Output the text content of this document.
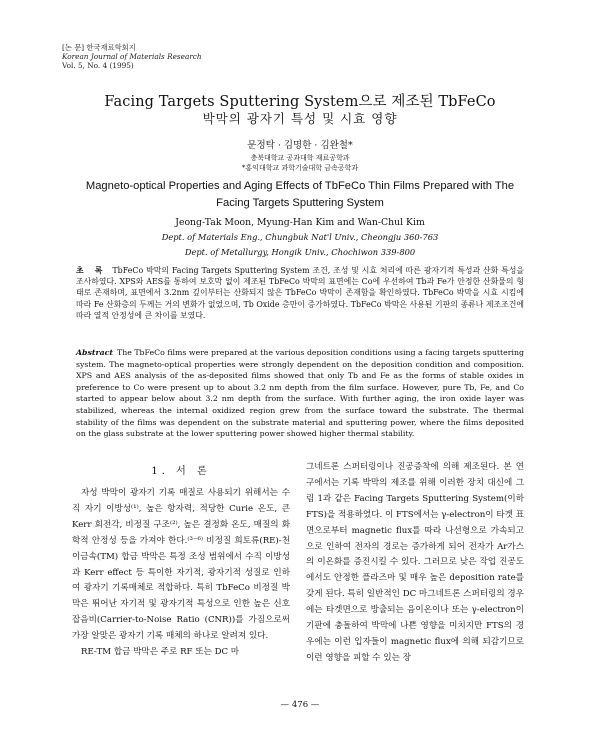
[논 문] 한국재료학회지
Korean Journal of Materials Research
Vol. 5, No. 4 (1995)
Facing Targets Sputtering System으로 제조된 TbFeCo
박막의 광자기 특성 및 시효 영향
문정탁 · 김명한 · 김완철*
충북대학교 공과대학 재료공학과
*홍익대학교 과학기술대학 금속공학과
Magneto-optical Properties and Aging Effects of TbFeCo Thin Films Prepared with The Facing Targets Sputtering System
Jeong-Tak Moon, Myung-Han Kim and Wan-Chul Kim
Dept. of Materials Eng., Chungbuk Nat'l Univ., Cheongju 360-763
Dept. of Metallurgy, Hongik Univ., Chochiwon 339-800
초 록 TbFeCo 박막의 Facing Targets Sputtering System 조건, 조성 및 시효 처리에 따른 광자기적 특성과 산화 특성을 조사하였다. XPS와 AES를 통하여 보호막 없이 제조된 TbFeCo 박막의 표면에는 Co에 우선하여 Tb과 Fe가 안정한 산화물의 형태로 존재하며, 표면에서 3.2nm 깊이부터는 산화되지 않은 TbFeCo 박막이 존재함을 확인하였다. TbFeCo 박막을 시효 시킴에 따라 Fe 산화층의 두께는 거의 변화가 없었으며, Tb Oxide 층만이 증가하였다. TbFeCo 박막은 사용된 기판의 종류나 제조조건에 따라 열적 안정성에 큰 차이를 보였다.
Abstract The TbFeCo films were prepared at the various deposition conditions using a facing targets sputtering system. The magneto-optical properties were strongly dependent on the deposition condition and composition. XPS and AES analysis of the as-deposited films showed that only Tb and Fe as the forms of stable oxides in preference to Co were present up to about 3.2 nm depth from the film surface. However, pure Tb, Fe, and Co started to appear below about 3.2 nm depth from the surface. With further aging, the iron oxide layer was stabilized, whereas the internal oxidized region grew from the surface toward the substrate. The thermal stability of the films was dependent on the substrate material and sputtering power, where the films deposited on the glass substrate at the lower sputtering power showed higher thermal stability.
1. 서 론

자성 박막이 광자기 기록 매질로 사용되기 위해서는 수직 자기 이방성⁽¹⁾, 높은 항자력, 적당한 Curie 온도, 큰 Kerr 회전각, 비정질 구조⁽²⁾, 높은 결정화 온도, 매질의 화학적 안정성 등을 가져야 한다.⁽³⁻⁶⁾ 비정질 희토류(RE)-천이금속(TM) 합금 박막은 특정 조성 범위에서 수직 이방성과 Kerr effect 등 특이한 자기적, 광자기적 성질로 인하여 광자기 기록매체로 적합하다. 특히 TbFeCo 비정질 박막은 뛰어난 자기적 및 광자기적 특성으로 인한 높은 신호잡음비(Carrier-to-Noise Ratio (CNR))를 가짐으로써 가장 알맞은 광자기 기록 매체의 하나로 알려져 있다.

RE-TM 합금 박막은 주로 RF 또는 DC 마

그네트론 스퍼터링이나 진공증착에 의해 제조된다. 본 연구에서는 기록 박막의 제조를 위해 이러한 장치 대신에 그림 1과 같은 Facing Targets Sputtering System(이하 FTS)을 적용하였다. 이 FTS에서는 γ-electron이 타겟 표면으로부터 magnetic flux를 따라 나선형으로 가속되고 으로 인하여 전자의 경로는 증가하게 되어 전자가 Ar가스의 이온화를 증진시킬 수 있다. 그러므로 낮은 작업 진공도에서도 안정한 플라즈마 및 매우 높은 deposition rate를 갖게 된다. 특히 일반적인 DC 마그네트론 스퍼터링의 경우에는 타겟면으로 방출되는 음이온이나 또는 γ-electron이 기판에 충돌하여 박막에 나쁜 영향을 미치지만 FTS의 경우에는 이런 입자들이 magnetic flux에 의해 되감기므로 이런 영향을 피할 수 있는 장

— 476 —
